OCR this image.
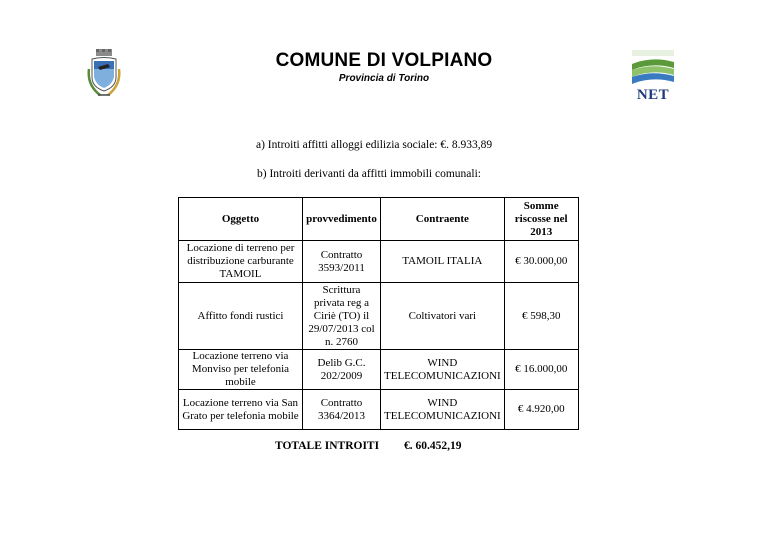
NET
COMUNE DI VOLPIANO
Provincia di Torino
a) Introiti affitti alloggi edilizia sociale: €. 8.933,89
b) Introiti derivanti da affitti immobili comunali:
Oggetto	provvedimento	Contraente	Somme riscosse nel 2013
Locazione di terreno per distribuzione carburante TAMOIL	Contratto 3593/2011	TAMOIL ITALIA	€ 30.000,00
Affitto fondi rustici	Scrittura privata reg a Ciriè (TO) il 29/07/2013 col n. 2760	Coltivatori vari	€ 598,30
Locazione terreno via Monviso per telefonia mobile	Delib G.C. 202/2009	WIND TELECOMUNICAZIONI	€ 16.000,00
Locazione terreno via San Grato per telefonia mobile	Contratto 3364/2013	WIND TELECOMUNICAZIONI	€ 4.920,00
TOTALE INTROITI €. 60.452,19
